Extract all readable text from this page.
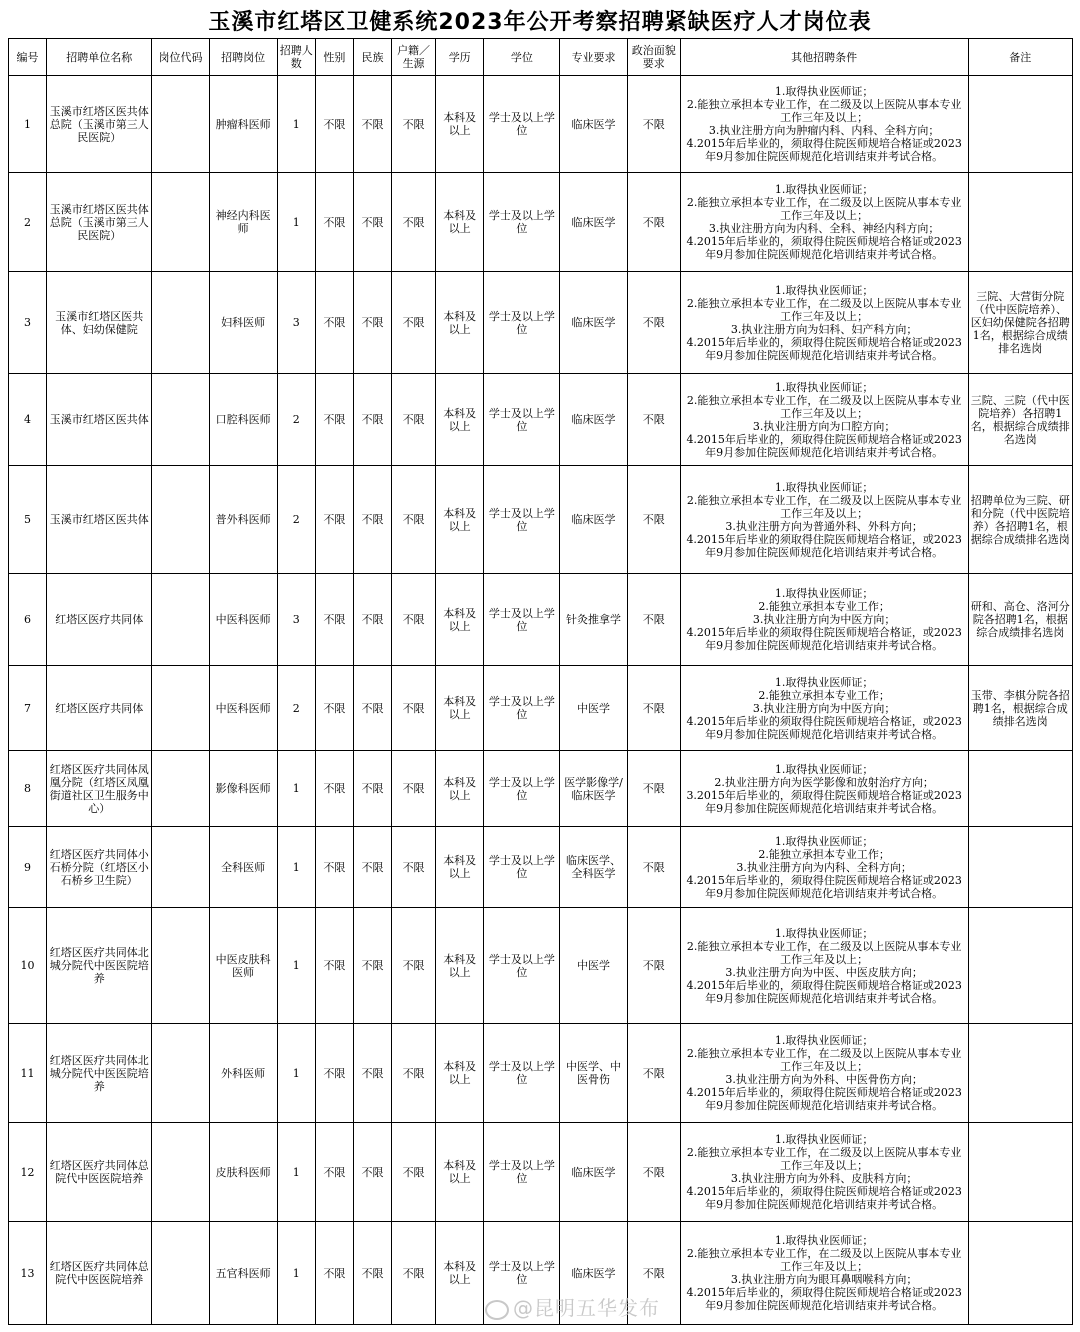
玉溪市红塔区卫健系统2023年公开考察招聘紧缺医疗人才岗位表
编号	招聘单位名称	岗位代码	招聘岗位	招聘人数	性别	民族	户籍／生源	学历	学位	专业要求	政治面貌要求	其他招聘条件	备注
1	玉溪市红塔区医共体总院（玉溪市第三人民医院）		肿瘤科医师	1	不限	不限	不限	本科及以上	学士及以上学位	临床医学	不限	1.取得执业医师证；
2.能独立承担本专业工作，在二级及以上医院从事本专业工作三年及以上；
3.执业注册方向为肿瘤内科、内科、全科方向；
4.2015年后毕业的，须取得住院医师规培合格证或2023年9月参加住院医师规范化培训结束并考试合格。	
2	玉溪市红塔区医共体总院（玉溪市第三人民医院）		神经内科医师	1	不限	不限	不限	本科及以上	学士及以上学位	临床医学	不限	1.取得执业医师证；
2.能独立承担本专业工作，在二级及以上医院从事本专业工作三年及以上；
3.执业注册方向为内科、全科、神经内科方向；
4.2015年后毕业的，须取得住院医师规培合格证或2023年9月参加住院医师规范化培训结束并考试合格。	
3	玉溪市红塔区医共体、妇幼保健院		妇科医师	3	不限	不限	不限	本科及以上	学士及以上学位	临床医学	不限	1.取得执业医师证；
2.能独立承担本专业工作，在二级及以上医院从事本专业工作三年及以上；
3.执业注册方向为妇科、妇产科方向；
4.2015年后毕业的，须取得住院医师规培合格证或2023年9月参加住院医师规范化培训结束并考试合格。	三院、大营街分院（代中医院培养）、区妇幼保健院各招聘1名，根据综合成绩排名选岗
4	玉溪市红塔区医共体		口腔科医师	2	不限	不限	不限	本科及以上	学士及以上学位	临床医学	不限	1.取得执业医师证；
2.能独立承担本专业工作，在二级及以上医院从事本专业工作三年及以上；
3.执业注册方向为口腔方向；
4.2015年后毕业的，须取得住院医师规培合格证或2023年9月参加住院医师规范化培训结束并考试合格。	三院、三院（代中医院培养）各招聘1名，根据综合成绩排名选岗
5	玉溪市红塔区医共体		普外科医师	2	不限	不限	不限	本科及以上	学士及以上学位	临床医学	不限	1.取得执业医师证；
2.能独立承担本专业工作，在二级及以上医院从事本专业工作三年及以上；
3.执业注册方向为普通外科、外科方向；
4.2015年后毕业的须取得住院医师规培合格证，或2023年9月参加住院医师规范化培训结束并考试合格。	招聘单位为三院、研和分院（代中医院培养）各招聘1名，根据综合成绩排名选岗
6	红塔区医疗共同体		中医科医师	3	不限	不限	不限	本科及以上	学士及以上学位	针灸推拿学	不限	1.取得执业医师证；
2.能独立承担本专业工作；
3.执业注册方向为中医方向；
4.2015年后毕业的须取得住院医师规培合格证，或2023年9月参加住院医师规范化培训结束并考试合格。	研和、高仓、洛河分院各招聘1名，根据综合成绩排名选岗
7	红塔区医疗共同体		中医科医师	2	不限	不限	不限	本科及以上	学士及以上学位	中医学	不限	1.取得执业医师证；
2.能独立承担本专业工作；
3.执业注册方向为中医方向；
4.2015年后毕业的须取得住院医师规培合格证，或2023年9月参加住院医师规范化培训结束并考试合格。	玉带、李棋分院各招聘1名，根据综合成绩排名选岗
8	红塔区医疗共同体凤凰分院（红塔区凤凰街道社区卫生服务中心）		影像科医师	1	不限	不限	不限	本科及以上	学士及以上学位	医学影像学/临床医学	不限	1.取得执业医师证；
2.执业注册方向为医学影像和放射治疗方向；
3.2015年后毕业的，须取得住院医师规培合格证或2023年9月参加住院医师规范化培训结束并考试合格。	
9	红塔区医疗共同体小石桥分院（红塔区小石桥乡卫生院）		全科医师	1	不限	不限	不限	本科及以上	学士及以上学位	临床医学、全科医学	不限	1.取得执业医师证；
2.能独立承担本专业工作；
3.执业注册方向为内科、全科方向；
4.2015年后毕业的，须取得住院医师规培合格证或2023年9月参加住院医师规范化培训结束并考试合格。	
10	红塔区医疗共同体北城分院代中医医院培养		中医皮肤科医师	1	不限	不限	不限	本科及以上	学士及以上学位	中医学	不限	1.取得执业医师证；
2.能独立承担本专业工作，在二级及以上医院从事本专业工作三年及以上；
3.执业注册方向为中医、中医皮肤方向；
4.2015年后毕业的，须取得住院医师规培合格证或2023年9月参加住院医师规范化培训结束并考试合格。	
11	红塔区医疗共同体北城分院代中医医院培养		外科医师	1	不限	不限	不限	本科及以上	学士及以上学位	中医学、中医骨伤	不限	1.取得执业医师证；
2.能独立承担本专业工作，在二级及以上医院从事本专业工作三年及以上；
3.执业注册方向为外科、中医骨伤方向；
4.2015年后毕业的，须取得住院医师规培合格证或2023年9月参加住院医师规范化培训结束并考试合格。	
12	红塔区医疗共同体总院代中医医院培养		皮肤科医师	1	不限	不限	不限	本科及以上	学士及以上学位	临床医学	不限	1.取得执业医师证；
2.能独立承担本专业工作，在二级及以上医院从事本专业工作三年及以上；
3.执业注册方向为外科、皮肤科方向；
4.2015年后毕业的，须取得住院医师规培合格证或2023年9月参加住院医师规范化培训结束并考试合格。	
13	红塔区医疗共同体总院代中医医院培养		五官科医师	1	不限	不限	不限	本科及以上	学士及以上学位	临床医学	不限	1.取得执业医师证；
2.能独立承担本专业工作，在二级及以上医院从事本专业工作三年及以上；
3.执业注册方向为眼耳鼻咽喉科方向；
4.2015年后毕业的，须取得住院医师规培合格证或2023年9月参加住院医师规范化培训结束并考试合格。	
@昆明五华发布
